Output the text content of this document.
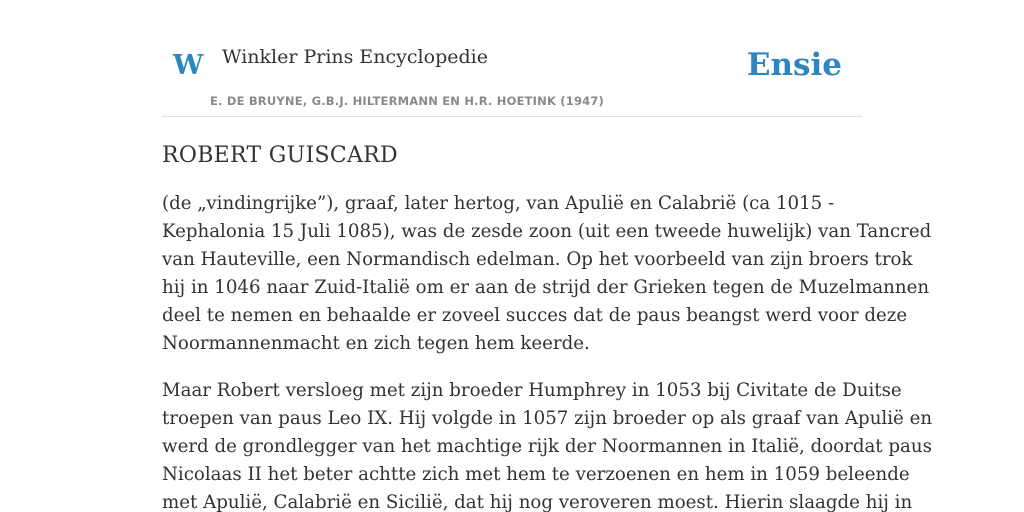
W Winkler Prins Encyclopedie
E. DE BRUYNE, G.B.J. HILTERMANN EN H.R. HOETINK (1947)
Ensie
ROBERT GUISCARD

(de „vindingrijke”), graaf, later hertog, van Apulië en Calabrië (ca 1015 -
Kephalonia 15 Juli 1085), was de zesde zoon (uit een tweede huwelijk) van Tancred
van Hauteville, een Normandisch edelman. Op het voorbeeld van zijn broers trok
hij in 1046 naar Zuid-Italië om er aan de strijd der Grieken tegen de Muzelmannen
deel te nemen en behaalde er zoveel succes dat de paus beangst werd voor deze
Noormannenmacht en zich tegen hem keerde.

Maar Robert versloeg met zijn broeder Humphrey in 1053 bij Civitate de Duitse
troepen van paus Leo IX. Hij volgde in 1057 zijn broeder op als graaf van Apulië en
werd de grondlegger van het machtige rijk der Noormannen in Italië, doordat paus
Nicolaas II het beter achtte zich met hem te verzoenen en hem in 1059 beleende
met Apulië, Calabrië en Sicilië, dat hij nog veroveren moest. Hierin slaagde hij in
